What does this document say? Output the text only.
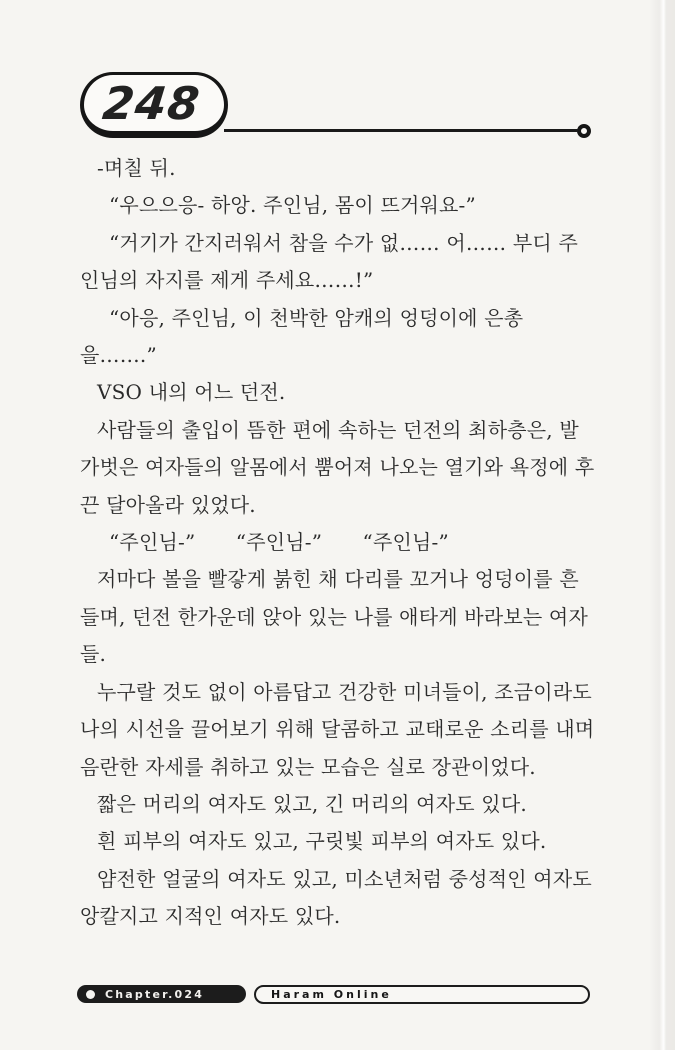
248
-며칠 뒤.
“우으으응- 하앙. 주인님, 몸이 뜨거워요-”
“거기가 간지러워서 참을 수가 없…… 어…… 부디 주
인님의 자지를 제게 주세요……!”
“아응, 주인님, 이 천박한 암캐의 엉덩이에 은총
을…….”
VSO 내의 어느 던전.
사람들의 출입이 뜸한 편에 속하는 던전의 최하층은, 발
가벗은 여자들의 알몸에서 뿜어져 나오는 열기와 욕정에 후
끈 달아올라 있었다.
“주인님-”　　“주인님-”　　“주인님-”
저마다 볼을 빨갛게 붉힌 채 다리를 꼬거나 엉덩이를 흔
들며, 던전 한가운데 앉아 있는 나를 애타게 바라보는 여자
들.
누구랄 것도 없이 아름답고 건강한 미녀들이, 조금이라도
나의 시선을 끌어보기 위해 달콤하고 교태로운 소리를 내며
음란한 자세를 취하고 있는 모습은 실로 장관이었다.
짧은 머리의 여자도 있고, 긴 머리의 여자도 있다.
흰 피부의 여자도 있고, 구릿빛 피부의 여자도 있다.
얌전한 얼굴의 여자도 있고, 미소년처럼 중성적인 여자도
앙칼지고 지적인 여자도 있다.
Chapter.024	Haram Online
